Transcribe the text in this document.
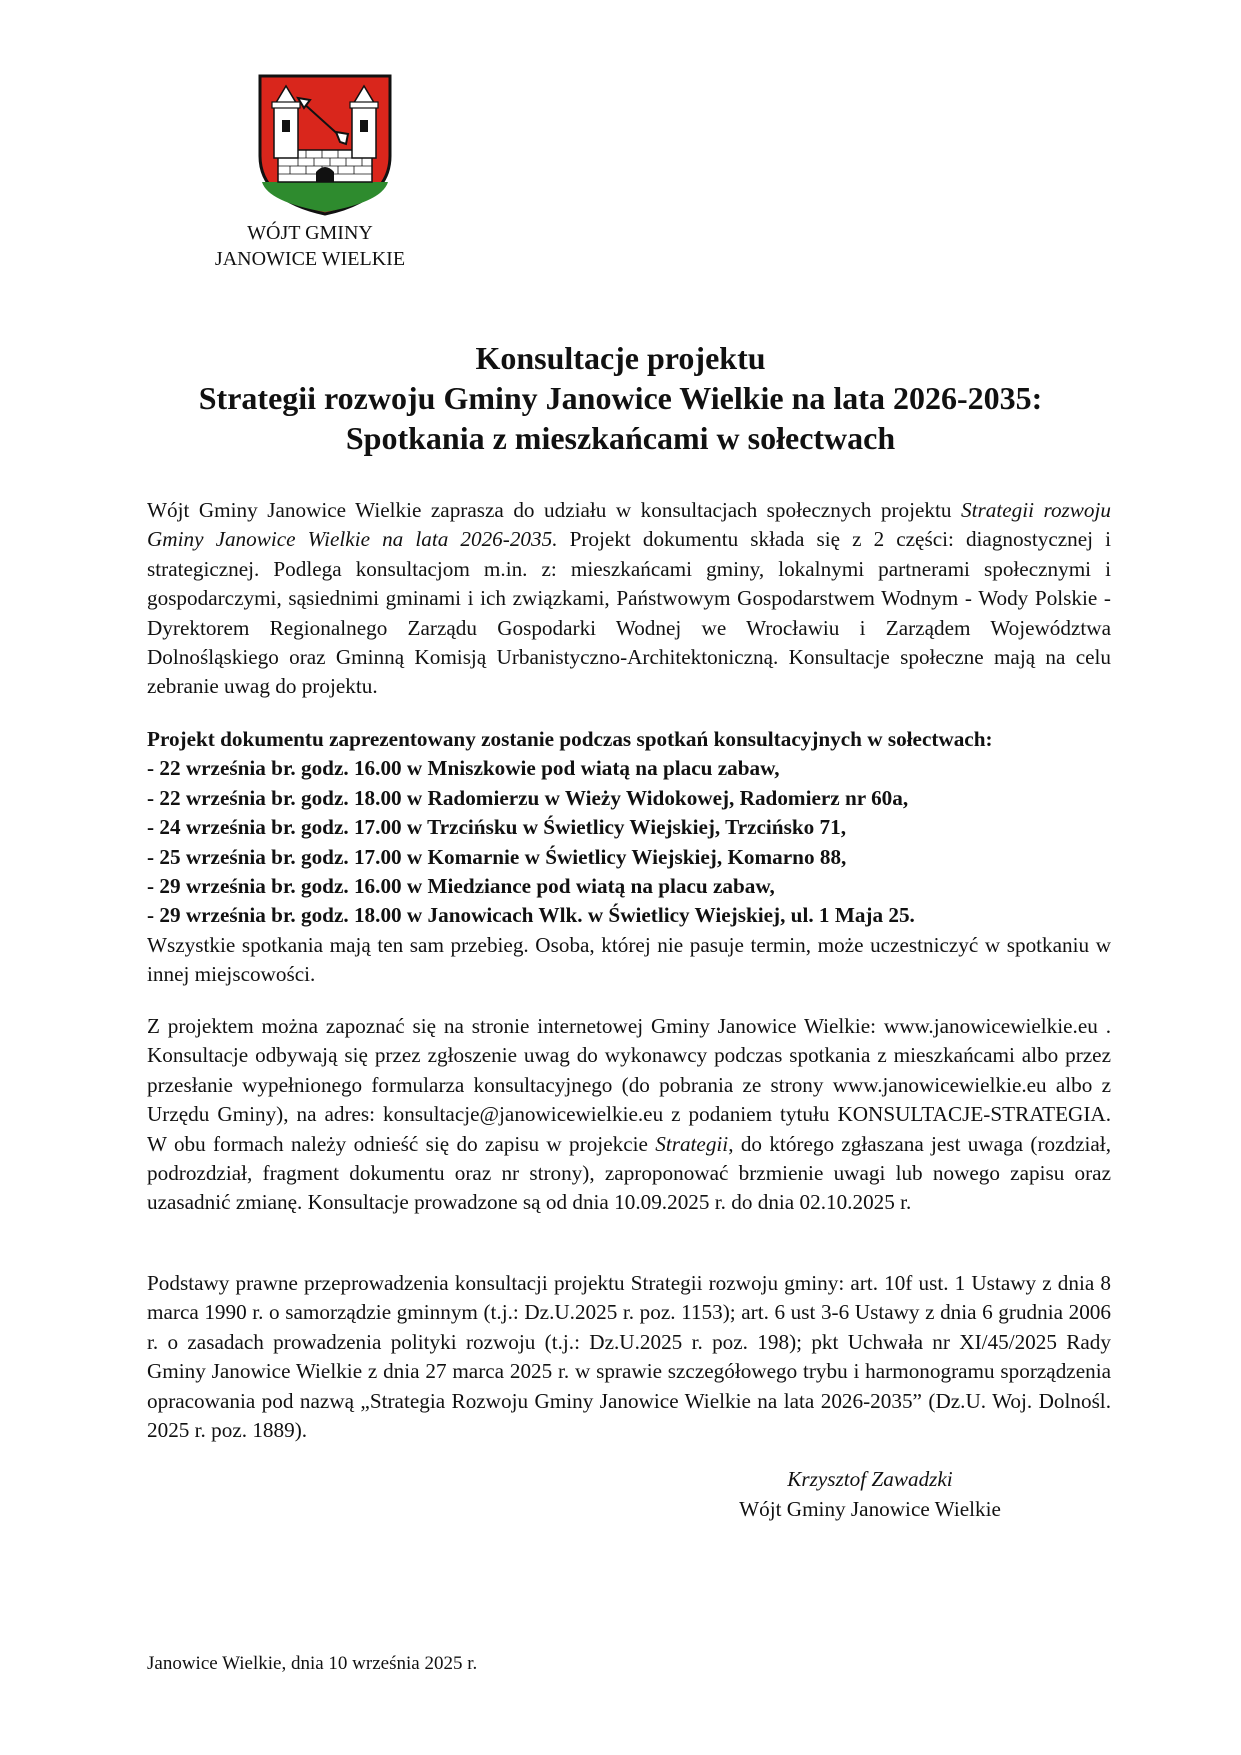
WÓJT GMINY
JANOWICE WIELKIE
Konsultacje projektu
Strategii rozwoju Gminy Janowice Wielkie na lata 2026-2035:
Spotkania z mieszkańcami w sołectwach
Wójt Gminy Janowice Wielkie zaprasza do udziału w konsultacjach społecznych projektu Strategii rozwoju Gminy Janowice Wielkie na lata 2026-2035. Projekt dokumentu składa się z 2 części: diagnostycznej i strategicznej. Podlega konsultacjom m.in. z: mieszkańcami gminy, lokalnymi partnerami społecznymi i gospodarczymi, sąsiednimi gminami i ich związkami, Państwowym Gospodarstwem Wodnym - Wody Polskie - Dyrektorem Regionalnego Zarządu Gospodarki Wodnej we Wrocławiu i Zarządem Województwa Dolnośląskiego oraz Gminną Komisją Urbanistyczno-Architektoniczną. Konsultacje społeczne mają na celu zebranie uwag do projektu.
Projekt dokumentu zaprezentowany zostanie podczas spotkań konsultacyjnych w sołectwach:
- 22 września br. godz. 16.00 w Mniszkowie pod wiatą na placu zabaw,
- 22 września br. godz. 18.00 w Radomierzu w Wieży Widokowej, Radomierz nr 60a,
- 24 września br. godz. 17.00 w Trzcińsku w Świetlicy Wiejskiej, Trzcińsko 71,
- 25 września br. godz. 17.00 w Komarnie w Świetlicy Wiejskiej, Komarno 88,
- 29 września br. godz. 16.00 w Miedziance pod wiatą na placu zabaw,
- 29 września br. godz. 18.00 w Janowicach Wlk. w Świetlicy Wiejskiej, ul. 1 Maja 25.
Wszystkie spotkania mają ten sam przebieg. Osoba, której nie pasuje termin, może uczestniczyć w spotkaniu w innej miejscowości.
Z projektem można zapoznać się na stronie internetowej Gminy Janowice Wielkie: www.janowicewielkie.eu . Konsultacje odbywają się przez zgłoszenie uwag do wykonawcy podczas spotkania z mieszkańcami albo przez przesłanie wypełnionego formularza konsultacyjnego (do pobrania ze strony www.janowicewielkie.eu albo z Urzędu Gminy), na adres: konsultacje@janowicewielkie.eu z podaniem tytułu KONSULTACJE-STRATEGIA. W obu formach należy odnieść się do zapisu w projekcie Strategii, do którego zgłaszana jest uwaga (rozdział, podrozdział, fragment dokumentu oraz nr strony), zaproponować brzmienie uwagi lub nowego zapisu oraz uzasadnić zmianę. Konsultacje prowadzone są od dnia 10.09.2025 r. do dnia 02.10.2025 r.
Podstawy prawne przeprowadzenia konsultacji projektu Strategii rozwoju gminy: art. 10f ust. 1 Ustawy z dnia 8 marca 1990 r. o samorządzie gminnym (t.j.: Dz.U.2025 r. poz. 1153); art. 6 ust 3-6 Ustawy z dnia 6 grudnia 2006 r. o zasadach prowadzenia polityki rozwoju (t.j.: Dz.U.2025 r. poz. 198); pkt Uchwała nr XI/45/2025 Rady Gminy Janowice Wielkie z dnia 27 marca 2025 r. w sprawie szczegółowego trybu i harmonogramu sporządzenia opracowania pod nazwą „Strategia Rozwoju Gminy Janowice Wielkie na lata 2026-2035” (Dz.U. Woj. Dolnośl. 2025 r. poz. 1889).
Krzysztof Zawadzki
Wójt Gminy Janowice Wielkie
Janowice Wielkie, dnia 10 września 2025 r.
